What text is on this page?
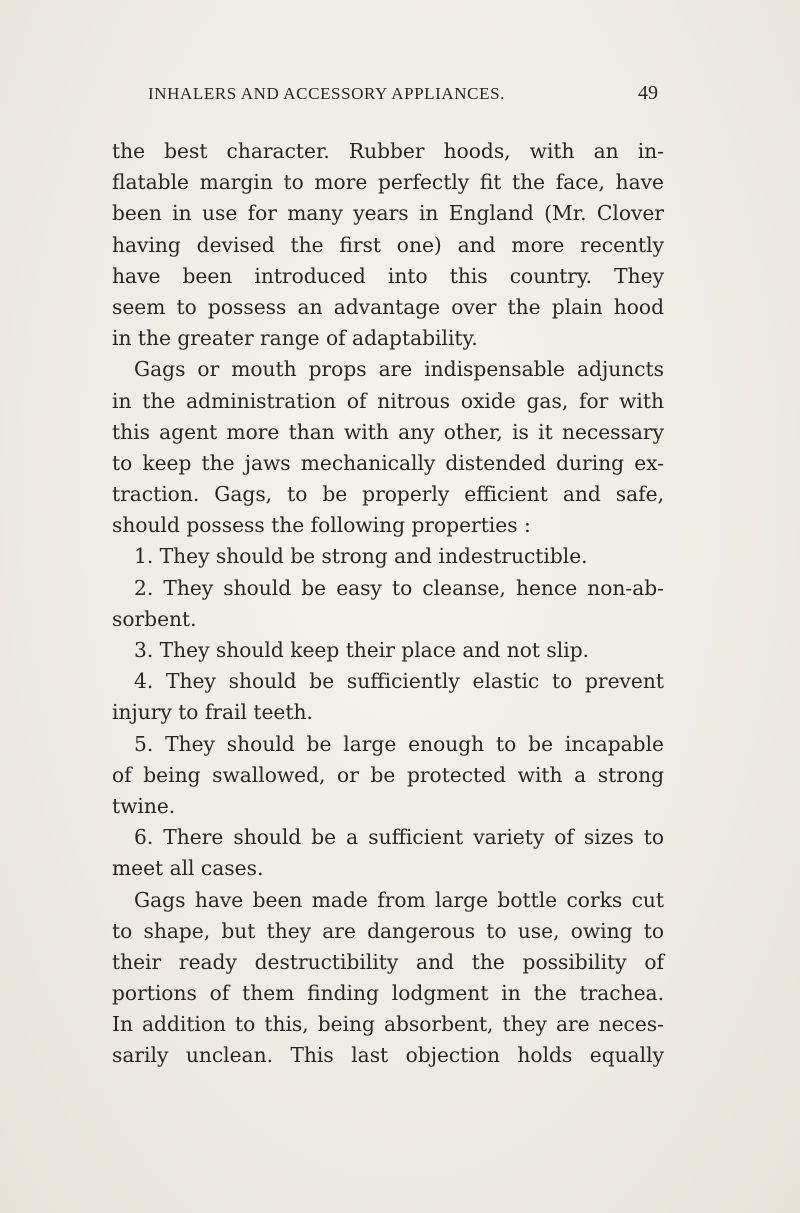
INHALERS AND ACCESSORY APPLIANCES.	49
the best character. Rubber hoods, with an in-
flatable margin to more perfectly fit the face, have
been in use for many years in England (Mr. Clover
having devised the first one) and more recently
have been introduced into this country. They
seem to possess an advantage over the plain hood
in the greater range of adaptability.
Gags or mouth props are indispensable adjuncts
in the administration of nitrous oxide gas, for with
this agent more than with any other, is it necessary
to keep the jaws mechanically distended during ex-
traction. Gags, to be properly efficient and safe,
should possess the following properties :
1. They should be strong and indestructible.
2. They should be easy to cleanse, hence non-ab-
sorbent.
3. They should keep their place and not slip.
4. They should be sufficiently elastic to prevent
injury to frail teeth.
5. They should be large enough to be incapable
of being swallowed, or be protected with a strong
twine.
6. There should be a sufficient variety of sizes to
meet all cases.
Gags have been made from large bottle corks cut
to shape, but they are dangerous to use, owing to
their ready destructibility and the possibility of
portions of them finding lodgment in the trachea.
In addition to this, being absorbent, they are neces-
sarily unclean. This last objection holds equally
